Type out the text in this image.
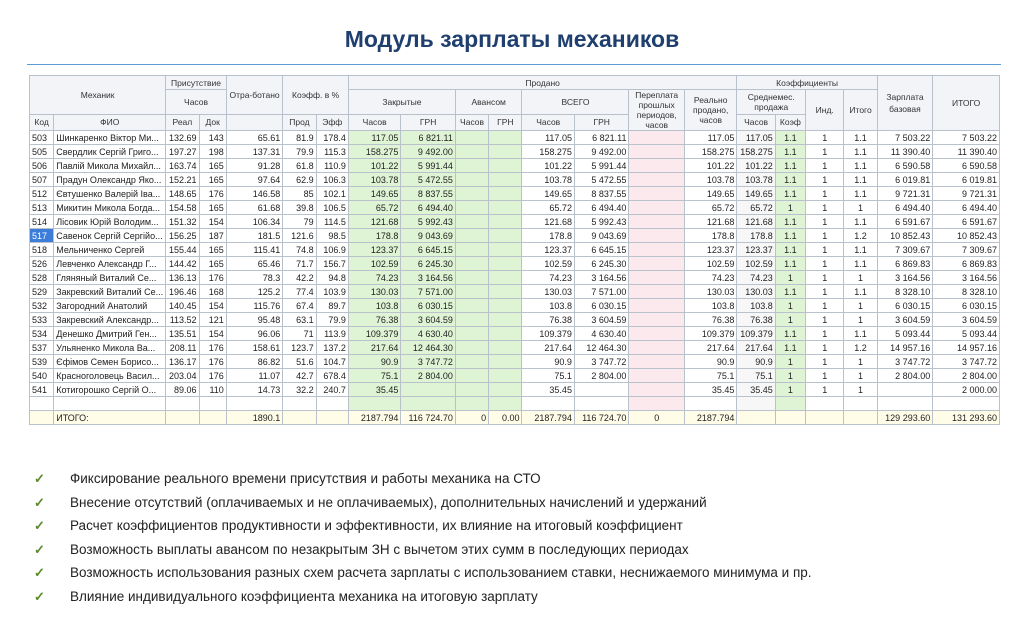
Модуль зарплаты механиков
Механик		Присутствие		Отра-ботано	Коэфф. в %		Продано								Коэффициенты				Зарплата базовая	ИТОГО
							Закрытые		Авансом		ВСЕГО		Переплата прошлых периодов, часов	Реально продано, часов	Среднемес. продажа		Инд.	Итого		
		Часов																		
Код	ФИО	Реал	Док		Прод	Эфф	Часов	ГРН	Часов	ГРН	Часов	ГРН			Часов	Коэф				
503	Шинкаренко Віктор Ми...	132.69	143	65.61	81.9	178.4	117.05	6 821.11			117.05	6 821.11		117.05	117.05	1.1	1	1.1	7 503.22	7 503.22
505	Свердлик Сергій Григо...	197.27	198	137.31	79.9	115.3	158.275	9 492.00			158.275	9 492.00		158.275	158.275	1.1	1	1.1	11 390.40	11 390.40
506	Павлій Микола Михайл...	163.74	165	91.28	61.8	110.9	101.22	5 991.44			101.22	5 991.44		101.22	101.22	1.1	1	1.1	6 590.58	6 590.58
507	Прадун Олександр Яко...	152.21	165	97.64	62.9	106.3	103.78	5 472.55			103.78	5 472.55		103.78	103.78	1.1	1	1.1	6 019.81	6 019.81
512	Євтушенко Валерій Іва...	148.65	176	146.58	85	102.1	149.65	8 837.55			149.65	8 837.55		149.65	149.65	1.1	1	1.1	9 721.31	9 721.31
513	Микитин Микола Богда...	154.58	165	61.68	39.8	106.5	65.72	6 494.40			65.72	6 494.40		65.72	65.72	1	1	1	6 494.40	6 494.40
514	Лісовик Юрій Володим...	151.32	154	106.34	79	114.5	121.68	5 992.43			121.68	5 992.43		121.68	121.68	1.1	1	1.1	6 591.67	6 591.67
517	Савенок Сергій Сергійо...	156.25	187	181.5	121.6	98.5	178.8	9 043.69			178.8	9 043.69		178.8	178.8	1.1	1	1.2	10 852.43	10 852.43
518	Мельниченко Сергей	155.44	165	115.41	74.8	106.9	123.37	6 645.15			123.37	6 645.15		123.37	123.37	1.1	1	1.1	7 309.67	7 309.67
526	Левченко Александр Г...	144.42	165	65.46	71.7	156.7	102.59	6 245.30			102.59	6 245.30		102.59	102.59	1.1	1	1.1	6 869.83	6 869.83
528	Гляняный Виталий Се...	136.13	176	78.3	42.2	94.8	74.23	3 164.56			74.23	3 164.56		74.23	74.23	1	1	1	3 164.56	3 164.56
529	Закревский Виталий Се...	196.46	168	125.2	77.4	103.9	130.03	7 571.00			130.03	7 571.00		130.03	130.03	1.1	1	1.1	8 328.10	8 328.10
532	Загородний Анатолий	140.45	154	115.76	67.4	89.7	103.8	6 030.15			103.8	6 030.15		103.8	103.8	1	1	1	6 030.15	6 030.15
533	Закревский Александр...	113.52	121	95.48	63.1	79.9	76.38	3 604.59			76.38	3 604.59		76.38	76.38	1	1	1	3 604.59	3 604.59
534	Денешко Дмитрий Ген...	135.51	154	96.06	71	113.9	109.379	4 630.40			109.379	4 630.40		109.379	109.379	1.1	1	1.1	5 093.44	5 093.44
537	Ульяненко Микола Ва...	208.11	176	158.61	123.7	137.2	217.64	12 464.30			217.64	12 464.30		217.64	217.64	1.1	1	1.2	14 957.16	14 957.16
539	Єфімов Семен Борисо...	136.17	176	86.82	51.6	104.7	90.9	3 747.72			90.9	3 747.72		90.9	90.9	1	1	1	3 747.72	3 747.72
540	Красноголовець Васил...	203.04	176	11.07	42.7	678.4	75.1	2 804.00			75.1	2 804.00		75.1	75.1	1	1	1	2 804.00	2 804.00
541	Котигорошко Сергій О...	89.06	110	14.73	32.2	240.7	35.45				35.45			35.45	35.45	1	1	1		2 000.00

	ИТОГО:			1890.1			2187.794	116 724.70	0	0.00	2187.794	116 724.70	0	2187.794					129 293.60	131 293.60
✓ Фиксирование реального времени присутствия и работы механика на СТО
✓ Внесение отсутствий (оплачиваемых и не оплачиваемых), дополнительных начислений и удержаний
✓ Расчет коэффициентов продуктивности и эффективности, их влияние на итоговый коэффициент
✓ Возможность выплаты авансом по незакрытым ЗН с вычетом этих сумм в последующих периодах
✓ Возможность использования разных схем расчета зарплаты с использованием ставки, неснижаемого минимума и пр.
✓ Влияние индивидуального коэффициента механика на итоговую зарплату
